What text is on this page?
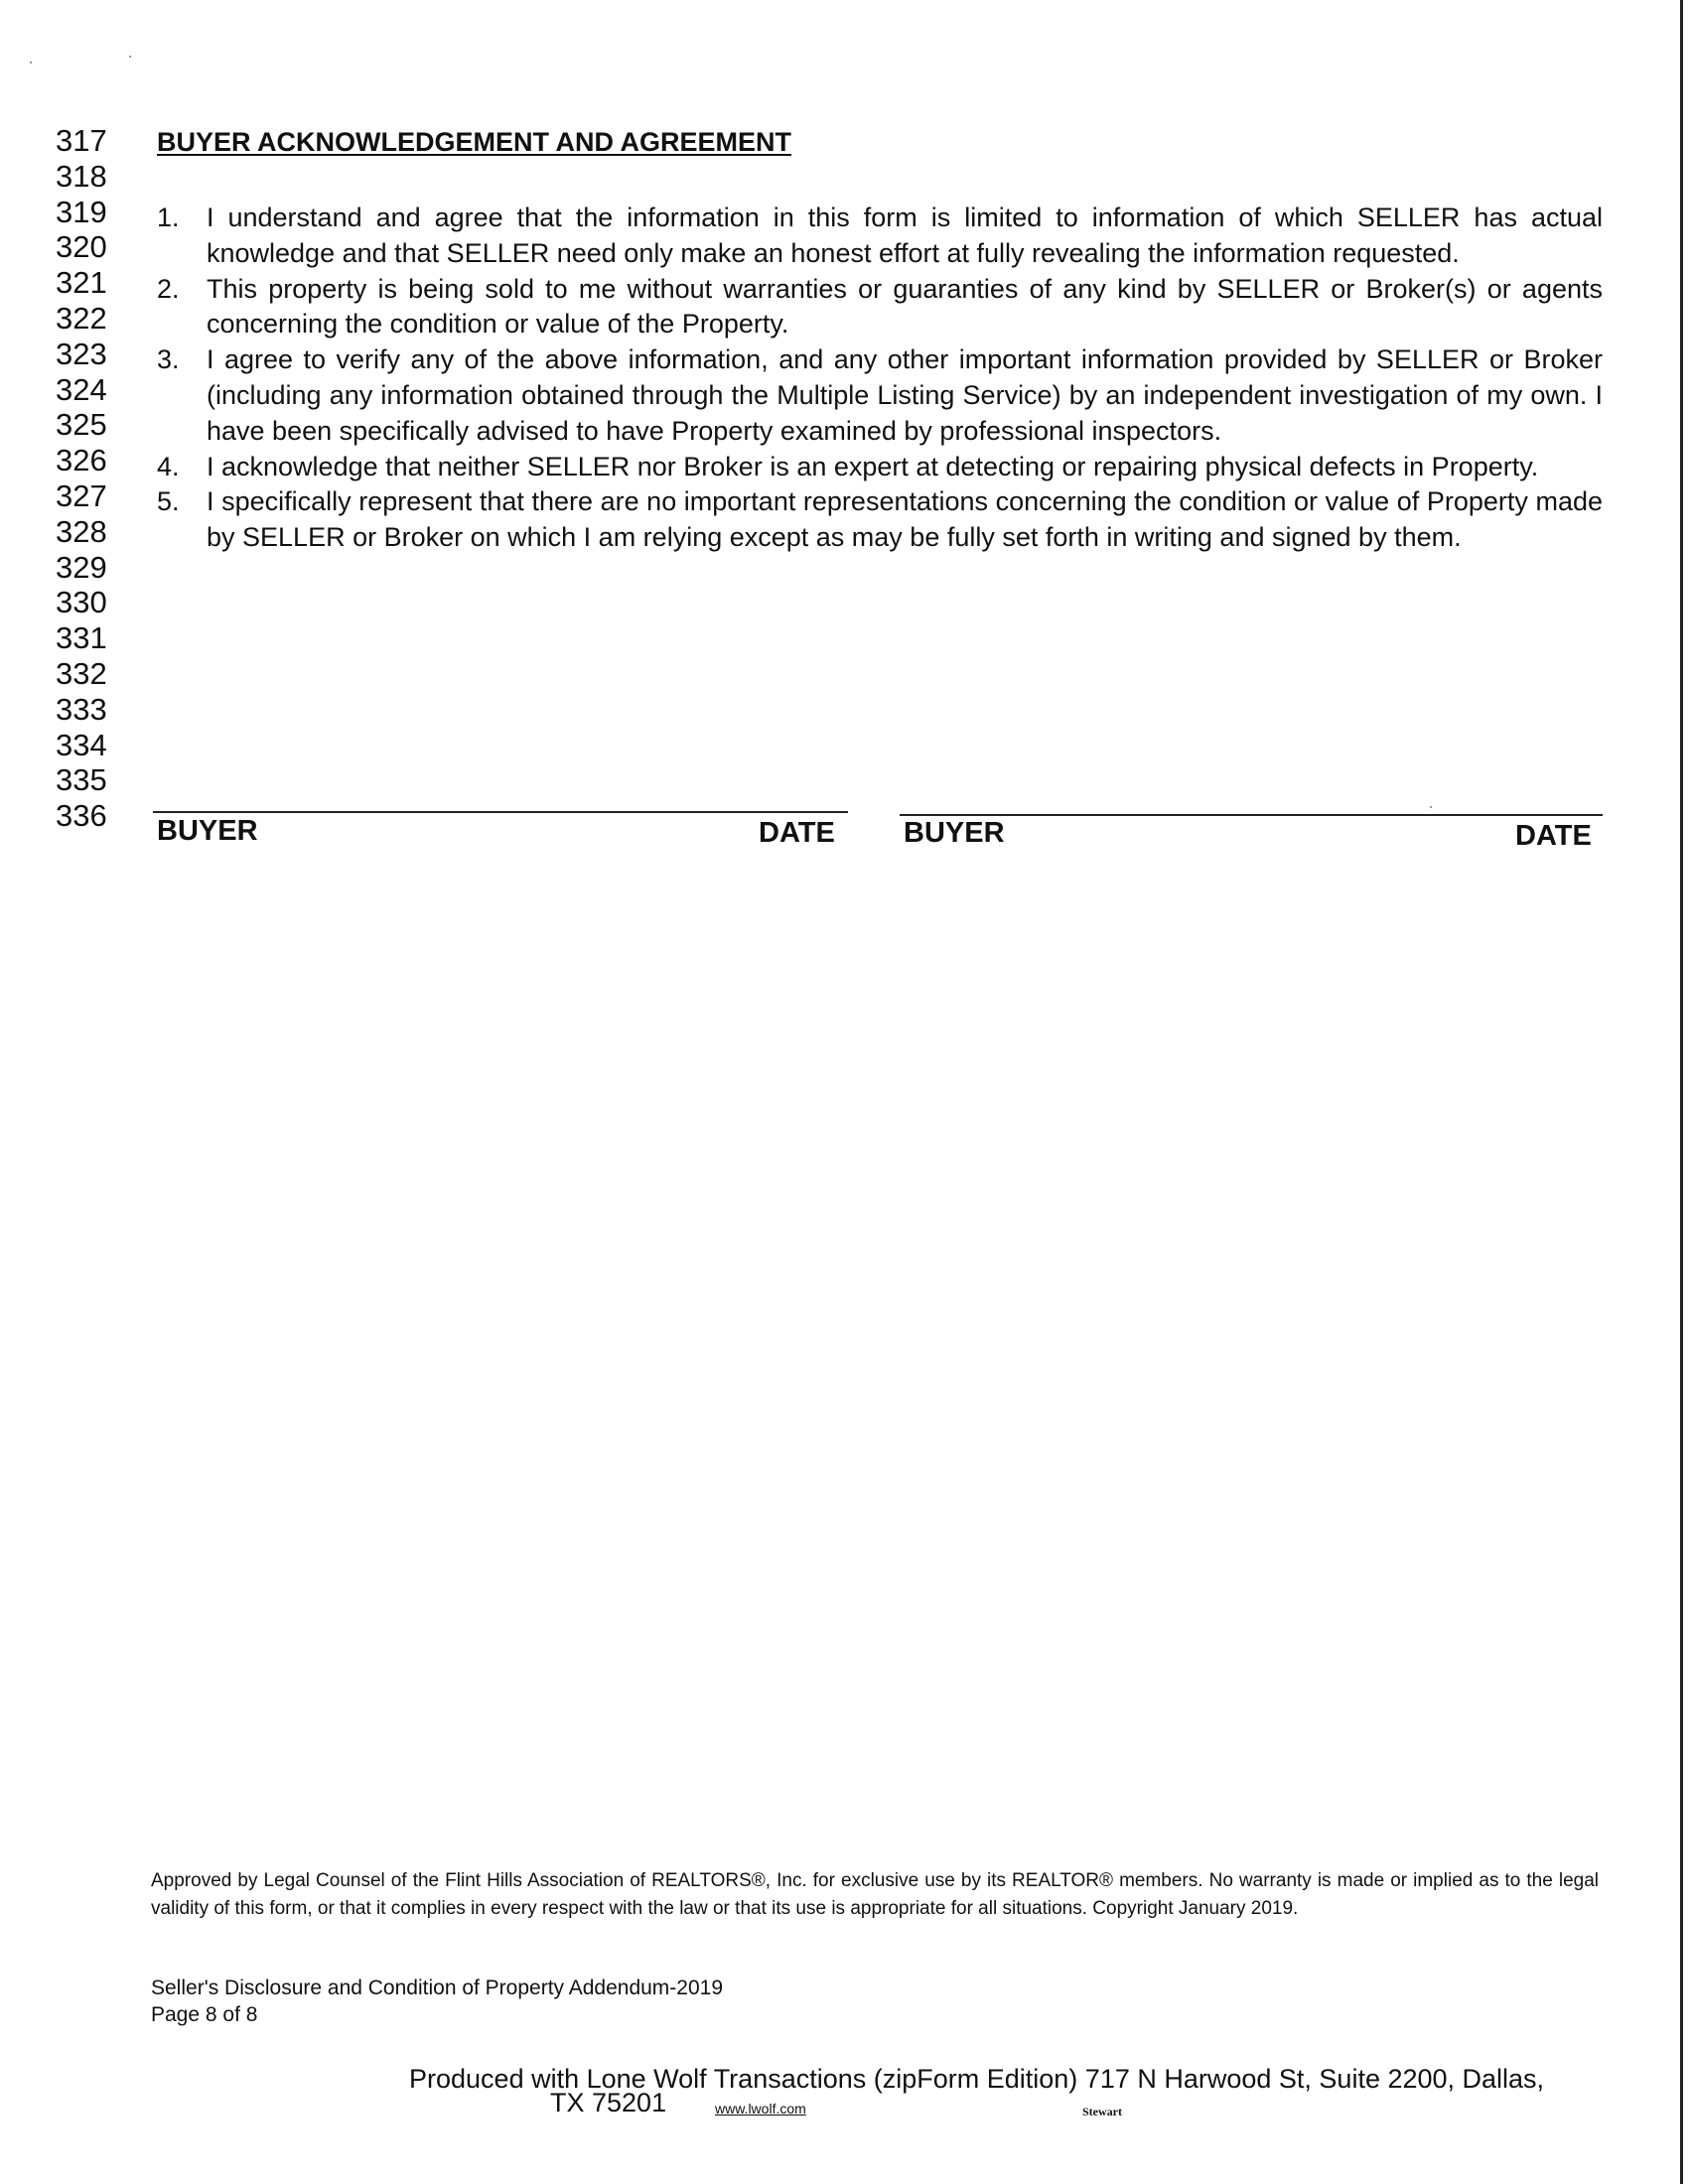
317
318
319
320
321
322
323
324
325
326
327
328
329
330
331
332
333
334
335
336
BUYER ACKNOWLEDGEMENT AND AGREEMENT
1. I understand and agree that the information in this form is limited to information of which SELLER has actual knowledge and that SELLER need only make an honest effort at fully revealing the information requested.
2. This property is being sold to me without warranties or guaranties of any kind by SELLER or Broker(s) or agents concerning the condition or value of the Property.
3. I agree to verify any of the above information, and any other important information provided by SELLER or Broker (including any information obtained through the Multiple Listing Service) by an independent investigation of my own. I have been specifically advised to have Property examined by professional inspectors.
4. I acknowledge that neither SELLER nor Broker is an expert at detecting or repairing physical defects in Property.
5. I specifically represent that there are no important representations concerning the condition or value of Property made by SELLER or Broker on which I am relying except as may be fully set forth in writing and signed by them.
BUYER	DATE BUYER	DATE

Approved by Legal Counsel of the Flint Hills Association of REALTORS®, Inc. for exclusive use by its REALTOR® members. No warranty is made or implied as to the legal validity of this form, or that it complies in every respect with the law or that its use is appropriate for all situations. Copyright January 2019.

Seller's Disclosure and Condition of Property Addendum-2019
Page 8 of 8
Produced with Lone Wolf Transactions (zipForm Edition) 717 N Harwood St, Suite 2200, Dallas,
TX 75201	www.lwolf.com	Stewart
